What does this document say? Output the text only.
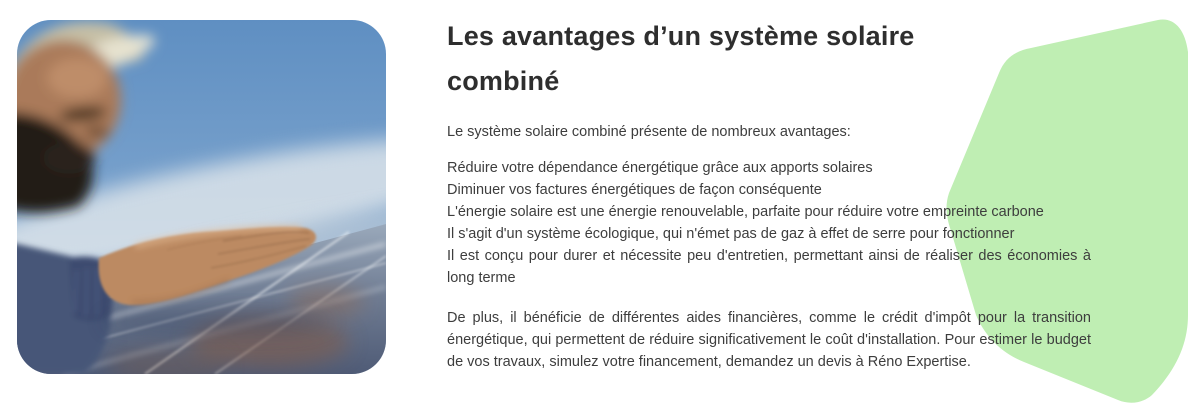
Les avantages d’un système solaire combiné

Le système solaire combiné présente de nombreux avantages:

Réduire votre dépendance énergétique grâce aux apports solaires

Diminuer vos factures énergétiques de façon conséquente

L'énergie solaire est une énergie renouvelable, parfaite pour réduire votre empreinte carbone

Il s'agit d'un système écologique, qui n'émet pas de gaz à effet de serre pour fonctionner

Il est conçu pour durer et nécessite peu d'entretien, permettant ainsi de réaliser des économies à long terme

De plus, il bénéficie de différentes aides financières, comme le crédit d'impôt pour la transition énergétique, qui permettent de réduire significativement le coût d'installation. Pour estimer le budget de vos travaux, simulez votre financement, demandez un devis à Réno Expertise.
